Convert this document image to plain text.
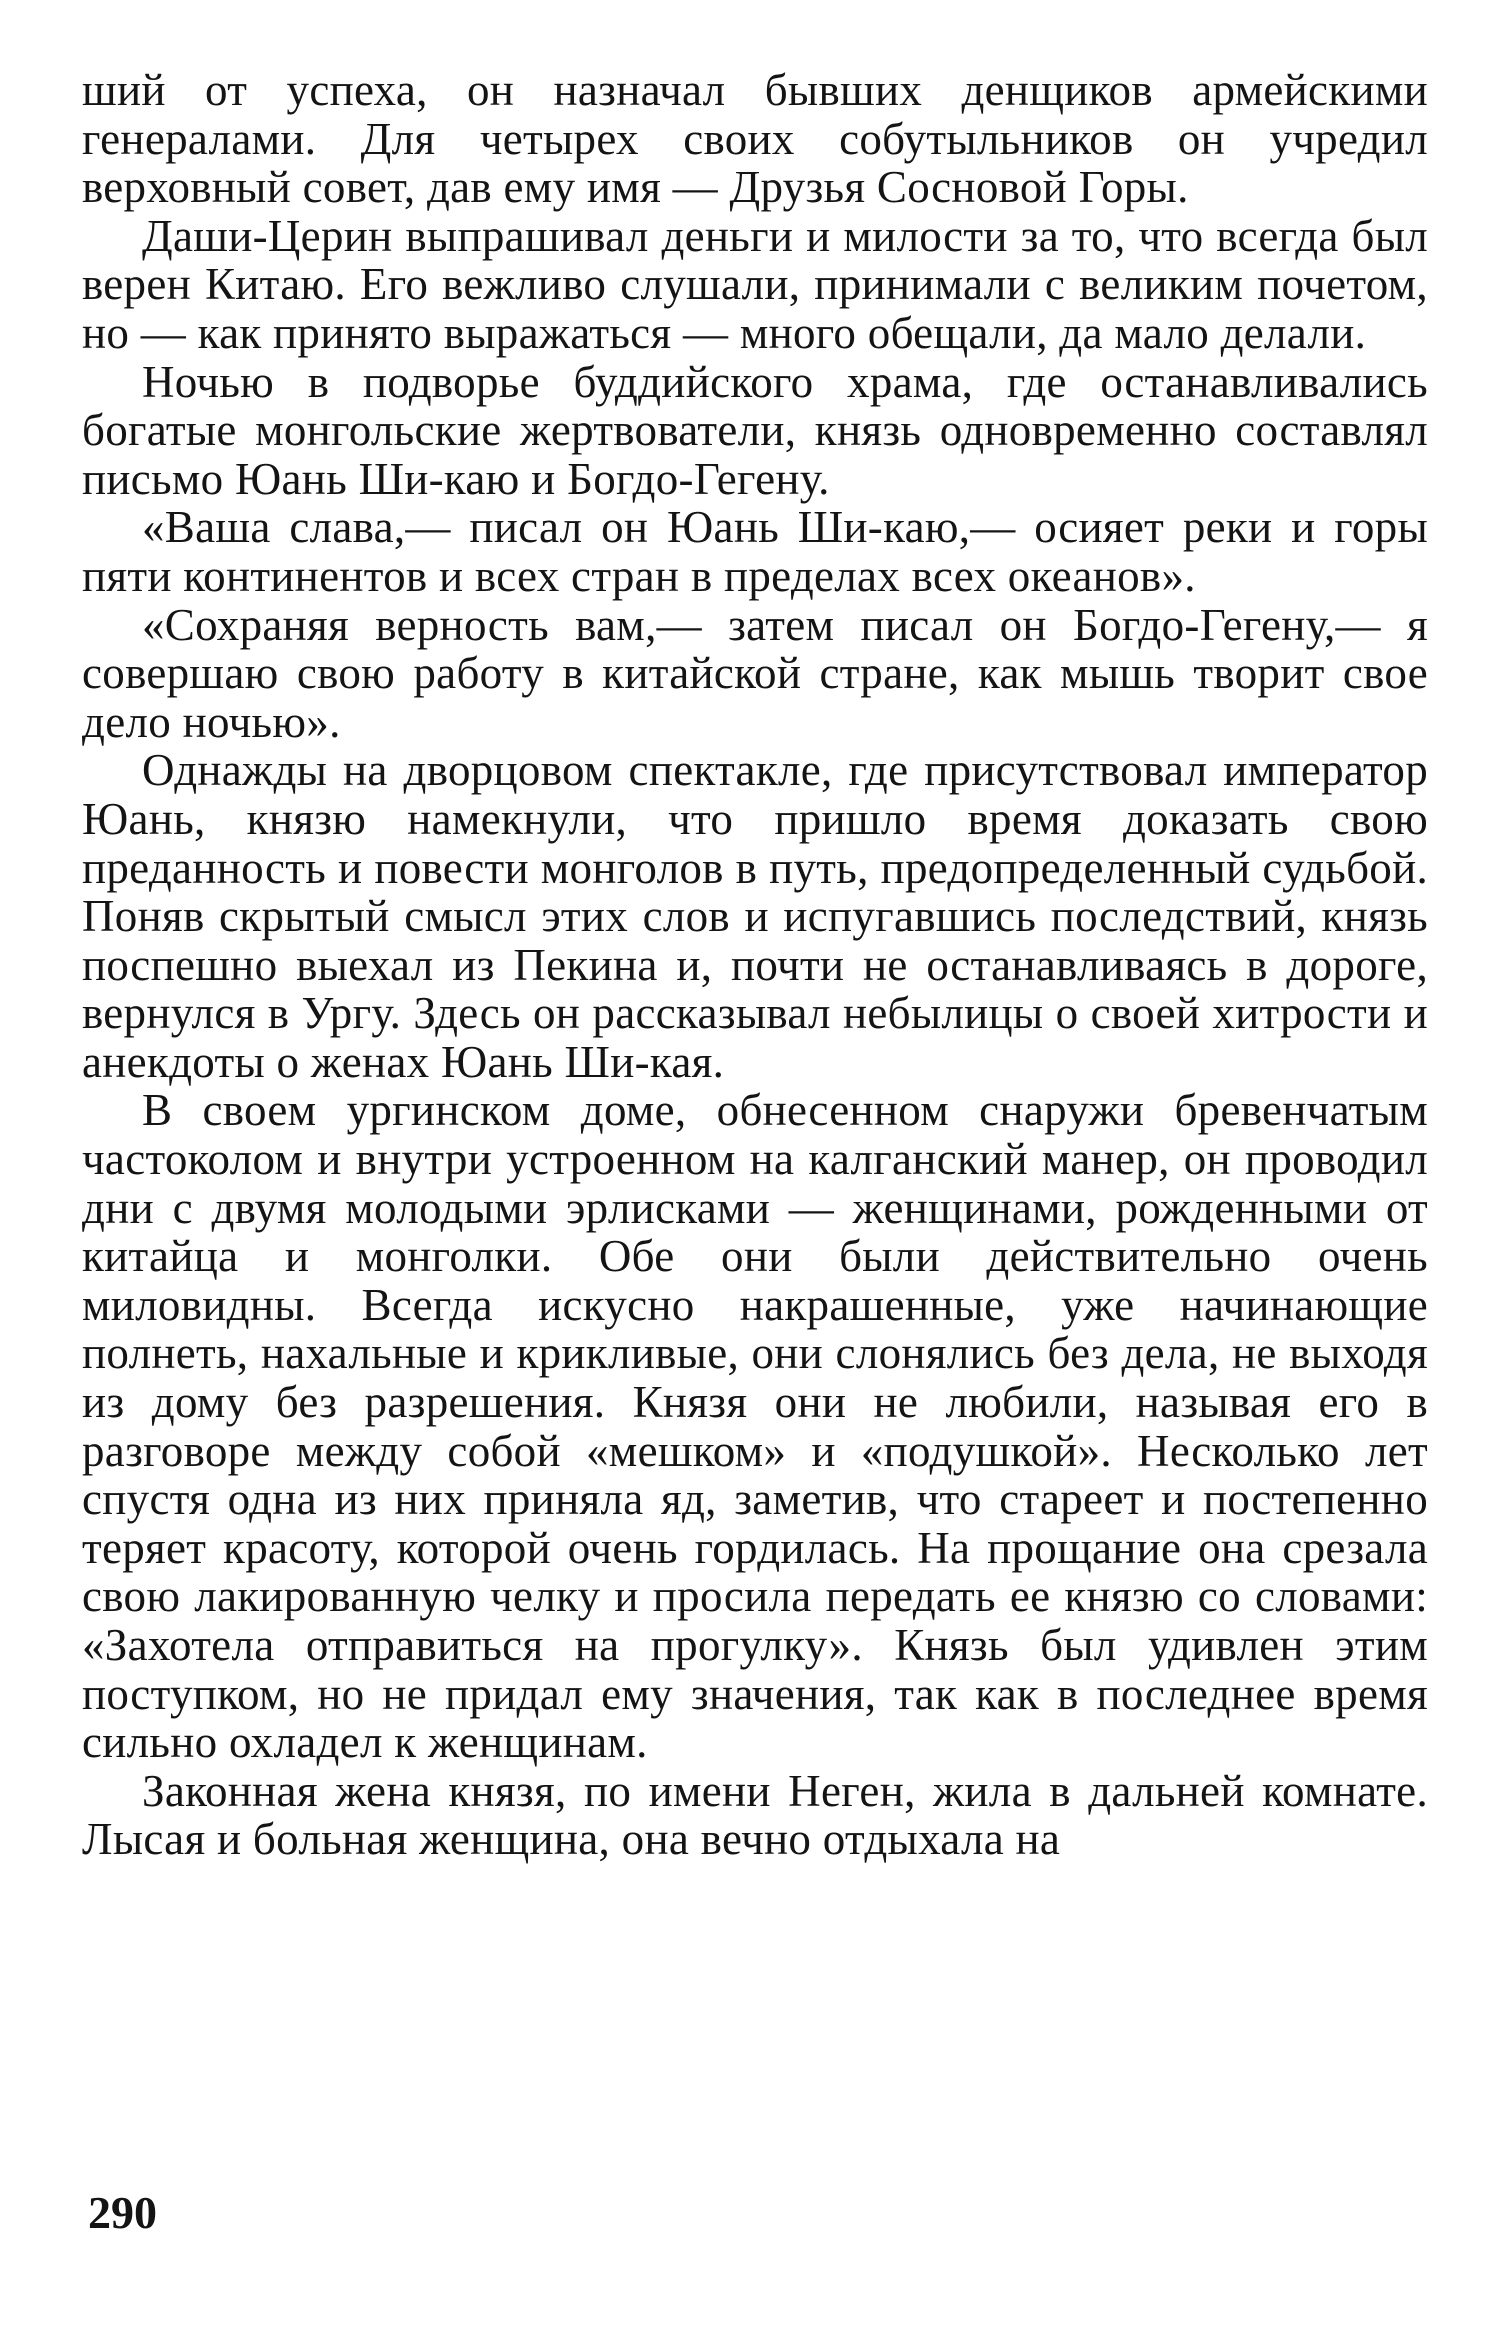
ший от успеха, он назначал бывших денщиков армейскими генералами. Для четырех своих собутыльников он учредил верховный совет, дав ему имя — Друзья Сосновой Горы.

Даши-Церин выпрашивал деньги и милости за то, что всегда был верен Китаю. Его вежливо слушали, принимали с великим почетом, но — как принято выражаться — много обещали, да мало делали.

Ночью в подворье буддийского храма, где останавливались богатые монгольские жертвователи, князь одновременно составлял письмо Юань Ши-каю и Богдо-Гегену.

«Ваша слава,— писал он Юань Ши-каю,— осияет реки и горы пяти континентов и всех стран в пределах всех океанов».

«Сохраняя верность вам,— затем писал он Богдо-Гегену,— я совершаю свою работу в китайской стране, как мышь творит свое дело ночью».

Однажды на дворцовом спектакле, где присутствовал император Юань, князю намекнули, что пришло время доказать свою преданность и повести монголов в путь, предопределенный судьбой. Поняв скрытый смысл этих слов и испугавшись последствий, князь поспешно выехал из Пекина и, почти не останавливаясь в дороге, вернулся в Ургу. Здесь он рассказывал небылицы о своей хитрости и анекдоты о женах Юань Ши-кая.

В своем ургинском доме, обнесенном снаружи бревенчатым частоколом и внутри устроенном на калганский манер, он проводил дни с двумя молодыми эрлисками — женщинами, рожденными от китайца и монголки. Обе они были действительно очень миловидны. Всегда искусно накрашенные, уже начинающие полнеть, нахальные и крикливые, они слонялись без дела, не выходя из дому без разрешения. Князя они не любили, называя его в разговоре между собой «мешком» и «подушкой». Несколько лет спустя одна из них приняла яд, заметив, что стареет и постепенно теряет красоту, которой очень гордилась. На прощание она срезала свою лакированную челку и просила передать ее князю со словами: «Захотела отправиться на прогулку». Князь был удивлен этим поступком, но не придал ему значения, так как в последнее время сильно охладел к женщинам.

Законная жена князя, по имени Неген, жила в дальней комнате. Лысая и больная женщина, она вечно отдыхала на

290
